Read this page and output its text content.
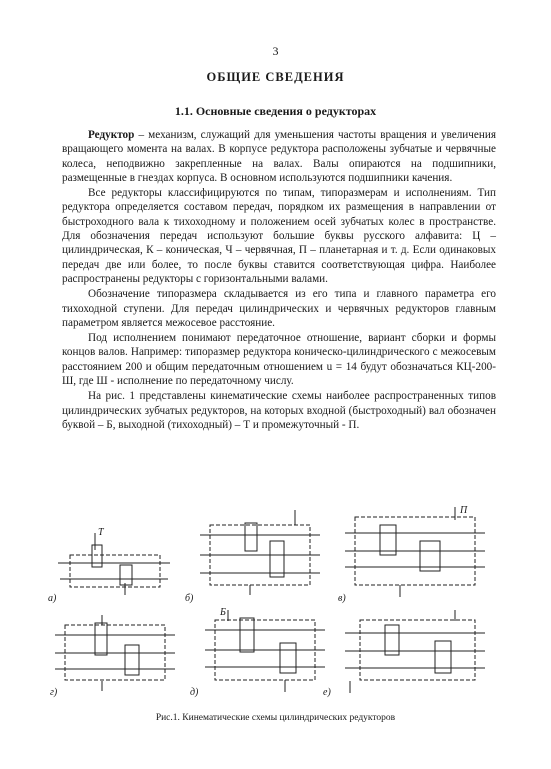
3
ОБЩИЕ СВЕДЕНИЯ
1.1. Основные сведения о редукторах

Редуктор – механизм, служащий для уменьшения частоты вращения и увеличения вращающего момента на валах. В корпусе редуктора расположены зубчатые и червячные колеса, неподвижно закрепленные на валах. Валы опираются на подшипники, размещенные в гнездах корпуса. В основном используются подшипники качения.

Все редукторы классифицируются по типам, типоразмерам и исполнениям. Тип редуктора определяется составом передач, порядком их размещения в направлении от быстроходного вала к тихоходному и положением осей зубчатых колес в пространстве. Для обозначения передач используют большие буквы русского алфавита: Ц – цилиндрическая, К – коническая, Ч – червячная, П – планетарная и т. д. Если одинаковых передач две или более, то после буквы ставится соответствующая цифра. Наиболее распространены редукторы с горизонтальными валами.

Обозначение типоразмера складывается из его типа и главного параметра его тихоходной ступени. Для передач цилиндрических и червячных редукторов главным параметром является межосевое расстояние.

Под исполнением понимают передаточное отношение, вариант сборки и формы концов валов. Например: типоразмер редуктора коническо-цилиндрического с межосевым расстоянием 200 и общим передаточным отношением u = 14 будут обозначаться КЦ-200-Ш, где Ш - исполнение по передаточному числу.

На рис. 1 представлены кинематические схемы наиболее распространенных типов цилиндрических зубчатых редукторов, на которых входной (быстроходный) вал обозначен буквой – Б, выходной (тихоходный) – Т и промежуточный - П.

а)	б)	в)
г)	д)	е)
Т
Б
П
Рис.1. Кинематические схемы цилиндрических редукторов
